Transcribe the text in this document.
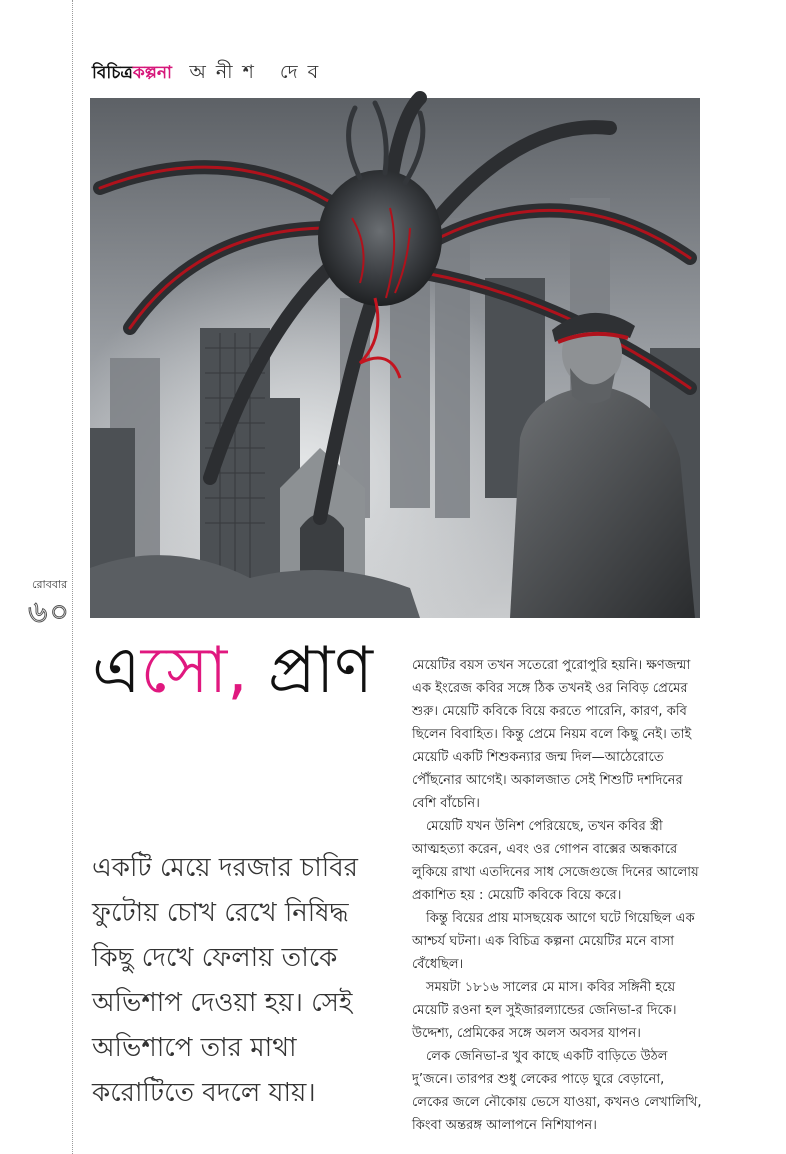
বিচিত্রকল্পনা অনীশ দেব
ш
রোববার
৬০
এসো, প্রাণ
একটি মেয়ে দরজার চাবির ফুটোয় চোখ রেখে নিষিদ্ধ কিছু দেখে ফেলায় তাকে অভিশাপ দেওয়া হয়। সেই অভিশাপে তার মাথা করোটিতে বদলে যায়।

মেয়েটির বয়স তখন সতেরো পুরোপুরি হয়নি। ক্ষণজন্মা এক ইংরেজ কবির সঙ্গে ঠিক তখনই ওর নিবিড় প্রেমের শুরু। মেয়েটি কবিকে বিয়ে করতে পারেনি, কারণ, কবি ছিলেন বিবাহিত। কিন্তু প্রেমে নিয়ম বলে কিছু নেই। তাই মেয়েটি একটি শিশুকন্যার জন্ম দিল—আঠেরোতে পৌঁছনোর আগেই। অকালজাত সেই শিশুটি দশদিনের বেশি বাঁচেনি।

মেয়েটি যখন উনিশ পেরিয়েছে, তখন কবির স্ত্রী আত্মহত্যা করেন, এবং ওর গোপন বাক্সের অন্ধকারে লুকিয়ে রাখা এতদিনের সাধ সেজেগুজে দিনের আলোয় প্রকাশিত হয় : মেয়েটি কবিকে বিয়ে করে।

কিন্তু বিয়ের প্রায় মাসছয়েক আগে ঘটে গিয়েছিল এক আশ্চর্য ঘটনা। এক বিচিত্র কল্পনা মেয়েটির মনে বাসা বেঁধেছিল।

সময়টা ১৮১৬ সালের মে মাস। কবির সঙ্গিনী হয়ে মেয়েটি রওনা হল সুইজারল্যান্ডের জেনিভা-র দিকে। উদ্দেশ্য, প্রেমিকের সঙ্গে অলস অবসর যাপন।

লেক জেনিভা-র খুব কাছে একটি বাড়িতে উঠল দু’জনে। তারপর শুধু লেকের পাড়ে ঘুরে বেড়ানো, লেকের জলে নৌকোয় ভেসে যাওয়া, কখনও লেখালিখি, কিংবা অন্তরঙ্গ আলাপনে নিশিযাপন।
